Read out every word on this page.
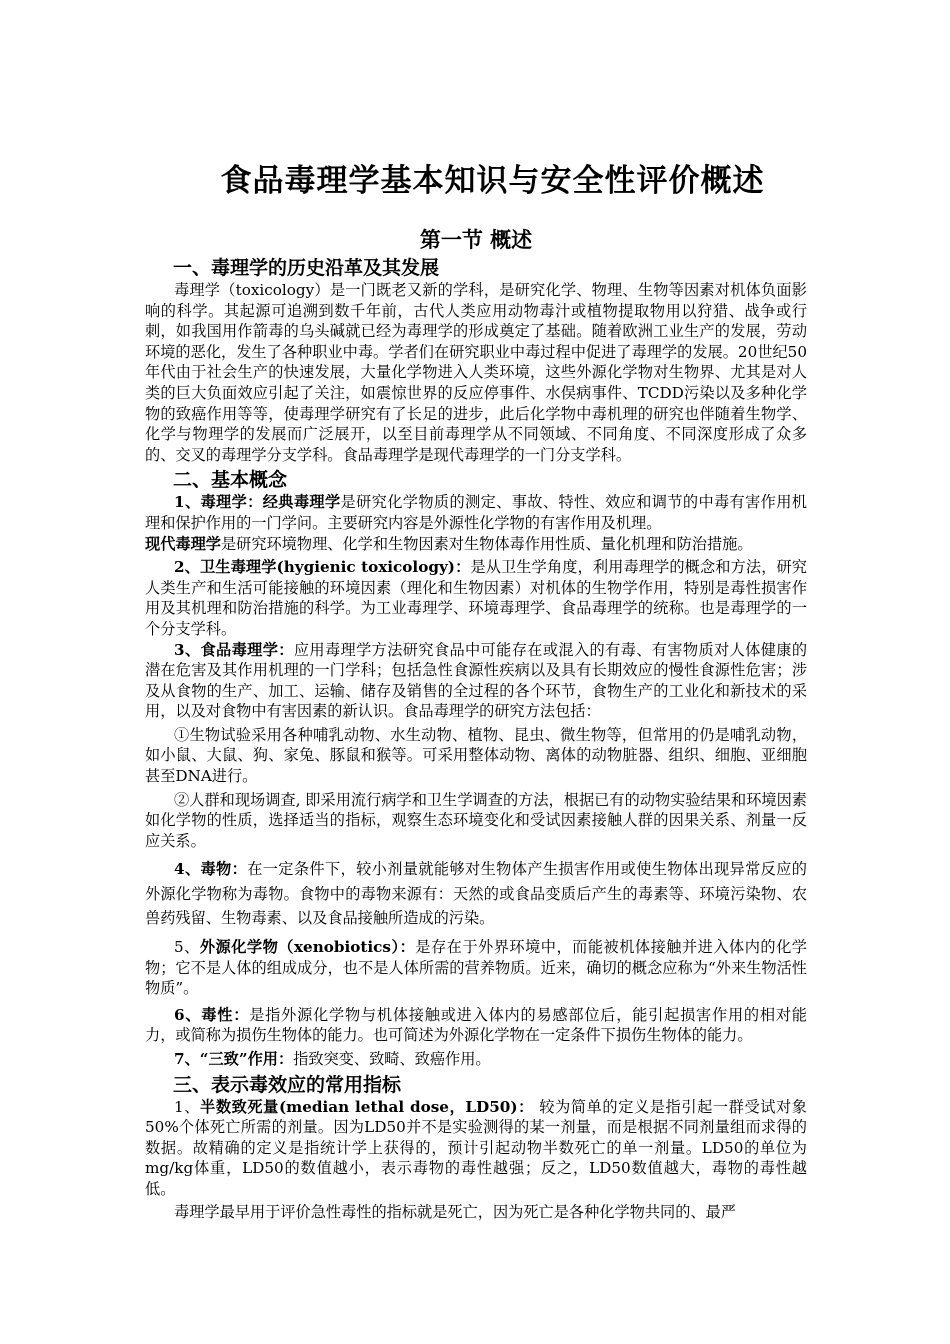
食品毒理学基本知识与安全性评价概述
第一节 概述
一、毒理学的历史沿革及其发展

毒理学（toxicology）是一门既老又新的学科，是研究化学、物理、生物等因素对机体负面影响的科学。其起源可追溯到数千年前，古代人类应用动物毒汁或植物提取物用以狩猎、战争或行刺，如我国用作箭毒的乌头碱就已经为毒理学的形成奠定了基础。随着欧洲工业生产的发展，劳动环境的恶化，发生了各种职业中毒。学者们在研究职业中毒过程中促进了毒理学的发展。20世纪50年代由于社会生产的快速发展，大量化学物进入人类环境，这些外源化学物对生物界、尤其是对人类的巨大负面效应引起了关注，如震惊世界的反应停事件、水俣病事件、TCDD污染以及多种化学物的致癌作用等等，使毒理学研究有了长足的进步，此后化学物中毒机理的研究也伴随着生物学、化学与物理学的发展而广泛展开，以至目前毒理学从不同领域、不同角度、不同深度形成了众多的、交叉的毒理学分支学科。食品毒理学是现代毒理学的一门分支学科。

二、基本概念

1、毒理学：经典毒理学是研究化学物质的测定、事故、特性、效应和调节的中毒有害作用机理和保护作用的一门学问。主要研究内容是外源性化学物的有害作用及机理。
现代毒理学是研究环境物理、化学和生物因素对生物体毒作用性质、量化机理和防治措施。

2、卫生毒理学(hygienic toxicology)：是从卫生学角度，利用毒理学的概念和方法，研究人类生产和生活可能接触的环境因素（理化和生物因素）对机体的生物学作用，特别是毒性损害作用及其机理和防治措施的科学。为工业毒理学、环境毒理学、食品毒理学的统称。也是毒理学的一个分支学科。

3、食品毒理学：应用毒理学方法研究食品中可能存在或混入的有毒、有害物质对人体健康的潜在危害及其作用机理的一门学科；包括急性食源性疾病以及具有长期效应的慢性食源性危害；涉及从食物的生产、加工、运输、储存及销售的全过程的各个环节，食物生产的工业化和新技术的采用，以及对食物中有害因素的新认识。食品毒理学的研究方法包括：

①生物试验采用各种哺乳动物、水生动物、植物、昆虫、微生物等，但常用的仍是哺乳动物，如小鼠、大鼠、狗、家兔、豚鼠和猴等。可采用整体动物、离体的动物脏器、组织、细胞、亚细胞甚至DNA进行。

②人群和现场调查, 即采用流行病学和卫生学调查的方法，根据已有的动物实验结果和环境因素如化学物的性质，选择适当的指标，观察生态环境变化和受试因素接触人群的因果关系、剂量一反应关系。

4、毒物：在一定条件下，较小剂量就能够对生物体产生损害作用或使生物体出现异常反应的外源化学物称为毒物。食物中的毒物来源有：天然的或食品变质后产生的毒素等、环境污染物、农兽药残留、生物毒素、以及食品接触所造成的污染。

5、外源化学物（xenobiotics）：是存在于外界环境中，而能被机体接触并进入体内的化学物；它不是人体的组成成分，也不是人体所需的营养物质。近来，确切的概念应称为“外来生物活性物质”。

6、毒性：是指外源化学物与机体接触或进入体内的易感部位后，能引起损害作用的相对能力，或简称为损伤生物体的能力。也可简述为外源化学物在一定条件下损伤生物体的能力。

7、“三致”作用：指致突变、致畸、致癌作用。

三、表示毒效应的常用指标

1、半数致死量(median lethal dose，LD50)： 较为简单的定义是指引起一群受试对象50%个体死亡所需的剂量。因为LD50并不是实验测得的某一剂量，而是根据不同剂量组而求得的数据。故精确的定义是指统计学上获得的，预计引起动物半数死亡的单一剂量。LD50的单位为mg/kg体重，LD50的数值越小，表示毒物的毒性越强；反之，LD50数值越大，毒物的毒性越低。

毒理学最早用于评价急性毒性的指标就是死亡，因为死亡是各种化学物共同的、最严
